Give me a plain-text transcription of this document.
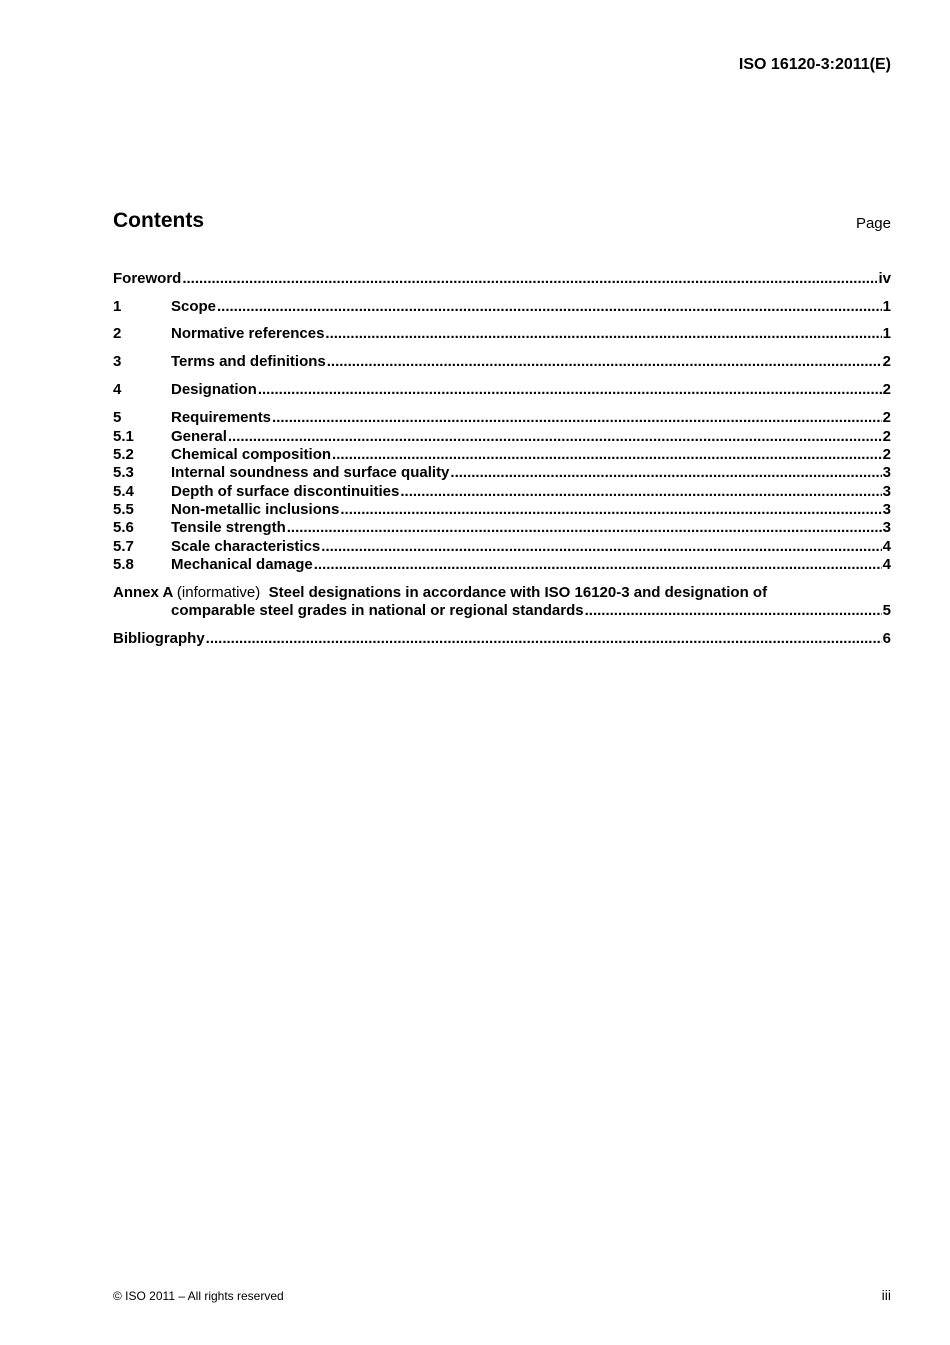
ISO 16120-3:2011(E)
Contents	Page
Foreword .....	iv
1	Scope .....	1
2	Normative references .....	1
3	Terms and definitions .....	2
4	Designation .....	2
5	Requirements .....	2
5.1	General .....	2
5.2	Chemical composition .....	2
5.3	Internal soundness and surface quality .....	3
5.4	Depth of surface discontinuities .....	3
5.5	Non-metallic inclusions .....	3
5.6	Tensile strength .....	3
5.7	Scale characteristics .....	4
5.8	Mechanical damage .....	4
Annex A (informative) Steel designations in accordance with ISO 16120-3 and designation of
comparable steel grades in national or regional standards .....	5
Bibliography .....	6
© ISO 2011 – All rights reserved	iii
